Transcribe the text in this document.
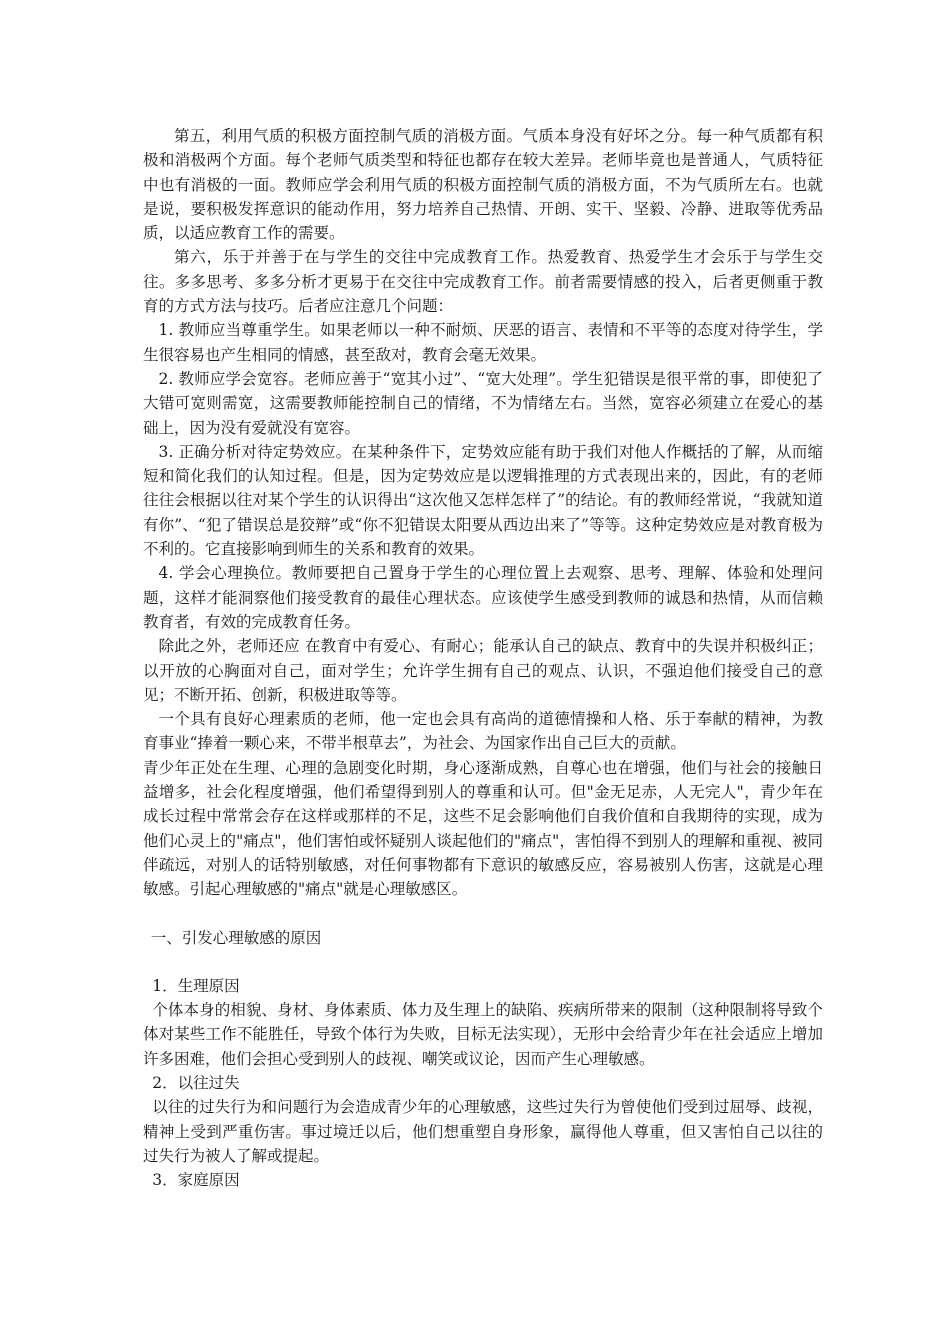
第五，利用气质的积极方面控制气质的消极方面。气质本身没有好坏之分。每一种气质都有积极和消极两个方面。每个老师气质类型和特征也都存在较大差异。老师毕竟也是普通人，气质特征中也有消极的一面。教师应学会利用气质的积极方面控制气质的消极方面，不为气质所左右。也就是说，要积极发挥意识的能动作用，努力培养自己热情、开朗、实干、坚毅、冷静、进取等优秀品质，以适应教育工作的需要。

第六，乐于并善于在与学生的交往中完成教育工作。热爱教育、热爱学生才会乐于与学生交往。多多思考、多多分析才更易于在交往中完成教育工作。前者需要情感的投入，后者更侧重于教育的方式方法与技巧。后者应注意几个问题：

1. 教师应当尊重学生。如果老师以一种不耐烦、厌恶的语言、表情和不平等的态度对待学生，学生很容易也产生相同的情感，甚至敌对，教育会毫无效果。

2. 教师应学会宽容。老师应善于“宽其小过”、“宽大处理”。学生犯错误是很平常的事，即使犯了大错可宽则需宽，这需要教师能控制自己的情绪，不为情绪左右。当然，宽容必须建立在爱心的基础上，因为没有爱就没有宽容。

3. 正确分析对待定势效应。在某种条件下，定势效应能有助于我们对他人作概括的了解，从而缩短和简化我们的认知过程。但是，因为定势效应是以逻辑推理的方式表现出来的，因此，有的老师往往会根据以往对某个学生的认识得出“这次他又怎样怎样了”的结论。有的教师经常说，“我就知道有你”、“犯了错误总是狡辩”或“你不犯错误太阳要从西边出来了”等等。这种定势效应是对教育极为不利的。它直接影响到师生的关系和教育的效果。

4. 学会心理换位。教师要把自己置身于学生的心理位置上去观察、思考、理解、体验和处理问题，这样才能洞察他们接受教育的最佳心理状态。应该使学生感受到教师的诚恳和热情，从而信赖教育者，有效的完成教育任务。

除此之外，老师还应 在教育中有爱心、有耐心；能承认自己的缺点、教育中的失误并积极纠正；以开放的心胸面对自己，面对学生；允许学生拥有自己的观点、认识，不强迫他们接受自己的意见；不断开拓、创新，积极进取等等。

一个具有良好心理素质的老师，他一定也会具有高尚的道德情操和人格、乐于奉献的精神，为教育事业“捧着一颗心来，不带半根草去”，为社会、为国家作出自己巨大的贡献。

青少年正处在生理、心理的急剧变化时期，身心逐渐成熟，自尊心也在增强，他们与社会的接触日益增多，社会化程度增强，他们希望得到别人的尊重和认可。但"金无足赤，人无完人"，青少年在成长过程中常常会存在这样或那样的不足，这些不足会影响他们自我价值和自我期待的实现，成为他们心灵上的"痛点"，他们害怕或怀疑别人谈起他们的"痛点"，害怕得不到别人的理解和重视、被同伴疏远，对别人的话特别敏感，对任何事物都有下意识的敏感反应，容易被别人伤害，这就是心理敏感。引起心理敏感的"痛点"就是心理敏感区。

一、引发心理敏感的原因

1．生理原因

个体本身的相貌、身材、身体素质、体力及生理上的缺陷、疾病所带来的限制（这种限制将导致个体对某些工作不能胜任，导致个体行为失败，目标无法实现），无形中会给青少年在社会适应上增加许多困难，他们会担心受到别人的歧视、嘲笑或议论，因而产生心理敏感。

2．以往过失

以往的过失行为和问题行为会造成青少年的心理敏感，这些过失行为曾使他们受到过屈辱、歧视，精神上受到严重伤害。事过境迁以后，他们想重塑自身形象，赢得他人尊重，但又害怕自己以往的过失行为被人了解或提起。

3．家庭原因
